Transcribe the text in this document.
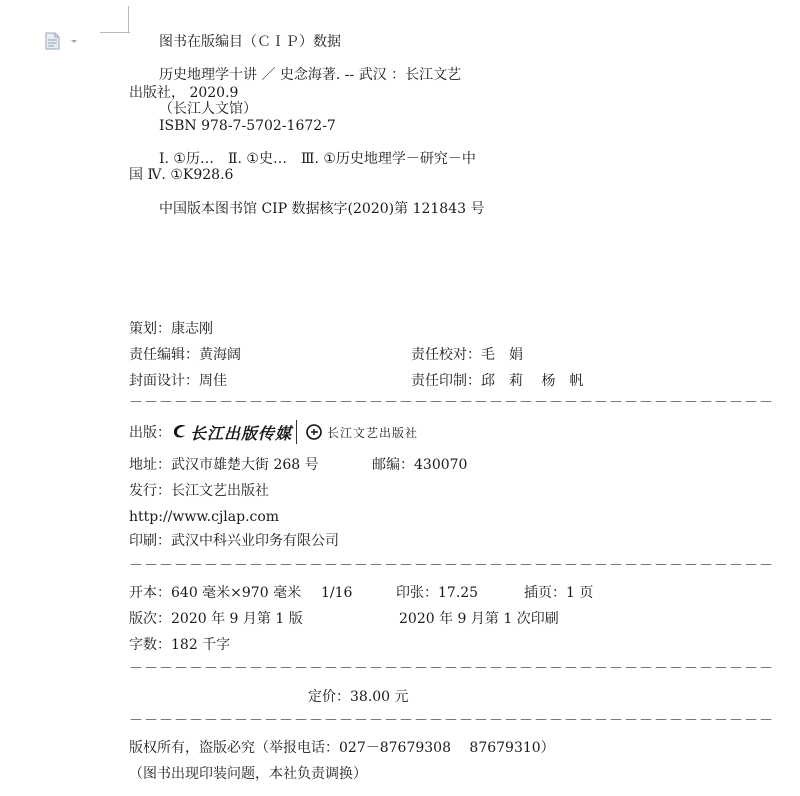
图书在版编目（ＣＩＰ）数据
历史地理学十讲 ／ 史念海著. -- 武汉 ：长江文艺
出版社， 2020.9
（长江人文馆）
ISBN 978-7-5702-1672-7
Ⅰ. ①历…　Ⅱ. ①史…　Ⅲ. ①历史地理学－研究－中
国 Ⅳ. ①K928.6
中国版本图书馆 CIP 数据核字(2020)第 121843 号
策划：康志刚
责任编辑：黄海阔	责任校对：毛　娟
封面设计：周佳	责任印制：邱　莉　 杨　帆
－－－－－－－－－－－－－－－－－－－－－－－－－－－－－－－－－－－－－－－－－－－
出版： 长江出版传媒	长江文艺出版社
地址：武汉市雄楚大街 268 号	邮编：430070
发行：长江文艺出版社
http://www.cjlap.com
印刷：武汉中科兴业印务有限公司
－－－－－－－－－－－－－－－－－－－－－－－－－－－－－－－－－－－－－－－－－－－
开本：640 毫米×970 毫米 1/16	印张：17.25	插页：1 页
版次：2020 年 9 月第 1 版	2020 年 9 月第 1 次印刷
字数：182 千字
－－－－－－－－－－－－－－－－－－－－－－－－－－－－－－－－－－－－－－－－－－－
定价：38.00 元
－－－－－－－－－－－－－－－－－－－－－－－－－－－－－－－－－－－－－－－－－－－
版权所有，盗版必究（举报电话：027－87679308　 87679310）
（图书出现印装问题，本社负责调换）
